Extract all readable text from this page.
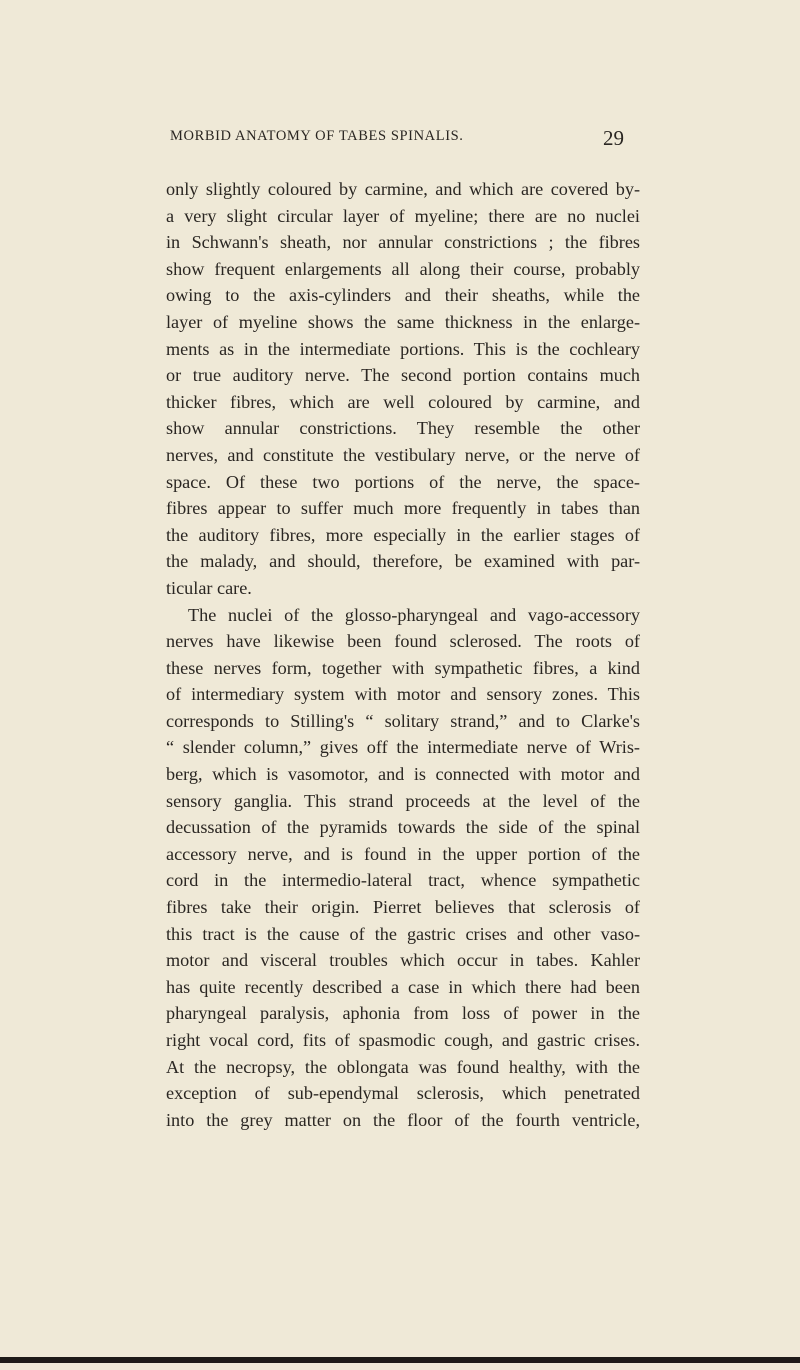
MORBID ANATOMY OF TABES SPINALIS.	29
only slightly coloured by carmine, and which are covered by-
a very slight circular layer of myeline; there are no nuclei
in Schwann's sheath, nor annular constrictions ; the fibres
show frequent enlargements all along their course, probably
owing to the axis-cylinders and their sheaths, while the
layer of myeline shows the same thickness in the enlarge-
ments as in the intermediate portions. This is the cochleary
or true auditory nerve. The second portion contains much
thicker fibres, which are well coloured by carmine, and
show annular constrictions. They resemble the other
nerves, and constitute the vestibulary nerve, or the nerve of
space. Of these two portions of the nerve, the space-
fibres appear to suffer much more frequently in tabes than
the auditory fibres, more especially in the earlier stages of
the malady, and should, therefore, be examined with par-
ticular care.
The nuclei of the glosso-pharyngeal and vago-accessory
nerves have likewise been found sclerosed. The roots of
these nerves form, together with sympathetic fibres, a kind
of intermediary system with motor and sensory zones. This
corresponds to Stilling's “ solitary strand,” and to Clarke's
“ slender column,” gives off the intermediate nerve of Wris-
berg, which is vasomotor, and is connected with motor and
sensory ganglia. This strand proceeds at the level of the
decussation of the pyramids towards the side of the spinal
accessory nerve, and is found in the upper portion of the
cord in the intermedio-lateral tract, whence sympathetic
fibres take their origin. Pierret believes that sclerosis of
this tract is the cause of the gastric crises and other vaso-
motor and visceral troubles which occur in tabes. Kahler
has quite recently described a case in which there had been
pharyngeal paralysis, aphonia from loss of power in the
right vocal cord, fits of spasmodic cough, and gastric crises.
At the necropsy, the oblongata was found healthy, with the
exception of sub-ependymal sclerosis, which penetrated
into the grey matter on the floor of the fourth ventricle,
